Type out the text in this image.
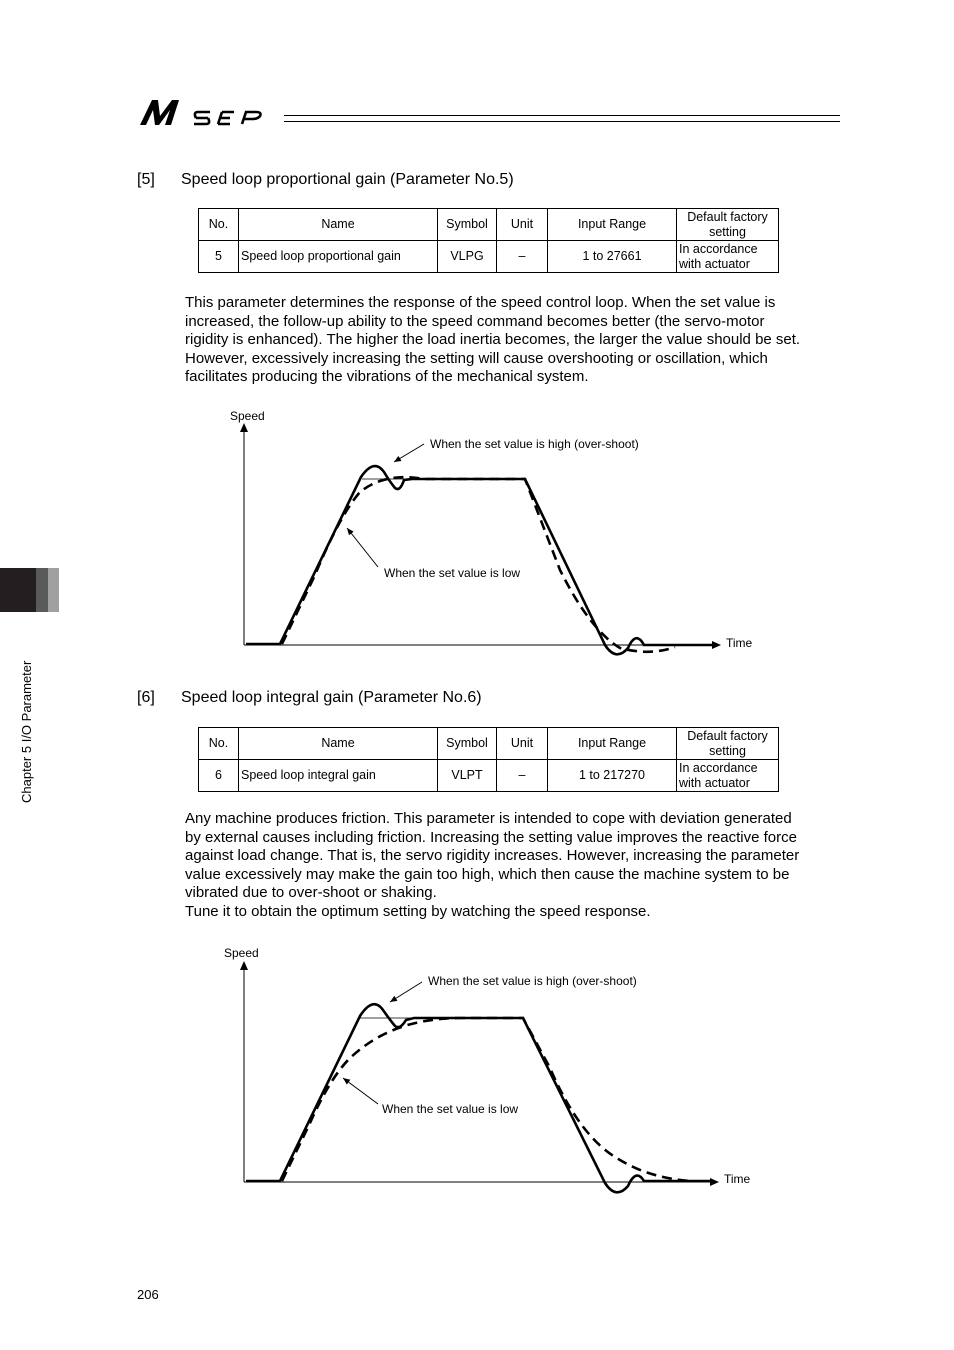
Chapter 5 I/O Parameter
[5] Speed loop proportional gain (Parameter No.5)
No.	Name	Symbol	Unit	Input Range	Default factory
setting
5	Speed loop proportional gain	VLPG	–	1 to 27661	In accordance
with actuator

This parameter determines the response of the speed control loop. When the set value is

increased, the follow-up ability to the speed command becomes better (the servo-motor

rigidity is enhanced). The higher the load inertia becomes, the larger the value should be set.

However, excessively increasing the setting will cause overshooting or oscillation, which

facilitates producing the vibrations of the mechanical system.

Speed
Time
When the set value is high (over-shoot)
When the set value is low
[6] Speed loop integral gain (Parameter No.6)
No.	Name	Symbol	Unit	Input Range	Default factory
setting
6	Speed loop integral gain	VLPT	–	1 to 217270	In accordance
with actuator

Any machine produces friction. This parameter is intended to cope with deviation generated

by external causes including friction. Increasing the setting value improves the reactive force

against load change. That is, the servo rigidity increases. However, increasing the parameter

value excessively may make the gain too high, which then cause the machine system to be

vibrated due to over-shoot or shaking.

Tune it to obtain the optimum setting by watching the speed response.

Speed
Time
When the set value is high (over-shoot)
When the set value is low
206
